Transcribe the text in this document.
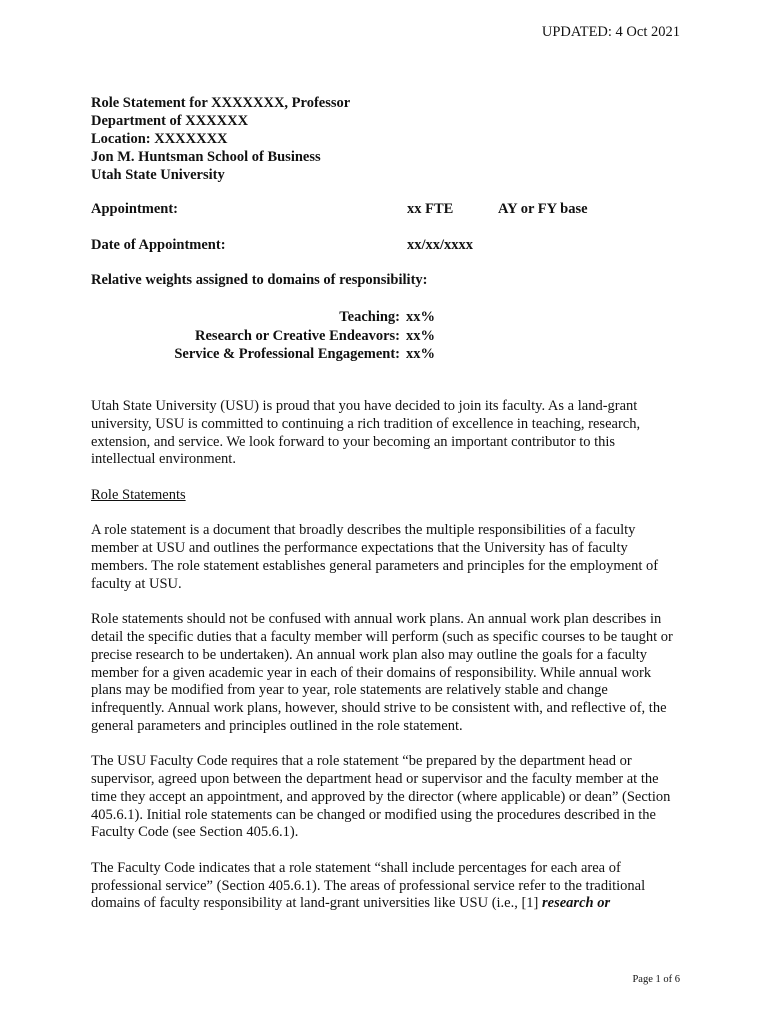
UPDATED: 4 Oct 2021
Role Statement for XXXXXXX, Professor
Department of XXXXXX
Location: XXXXXXX
Jon M. Huntsman School of Business
Utah State University
Appointment:	xx FTE	AY or FY base
Date of Appointment:	xx/xx/xxxx
Relative weights assigned to domains of responsibility:
Teaching: xx%
Research or Creative Endeavors: xx%
Service & Professional Engagement: xx%

Utah State University (USU) is proud that you have decided to join its faculty. As a land-grant university, USU is committed to continuing a rich tradition of excellence in teaching, research, extension, and service. We look forward to your becoming an important contributor to this intellectual environment.

Role Statements

A role statement is a document that broadly describes the multiple responsibilities of a faculty member at USU and outlines the performance expectations that the University has of faculty members. The role statement establishes general parameters and principles for the employment of faculty at USU.

Role statements should not be confused with annual work plans. An annual work plan describes in detail the specific duties that a faculty member will perform (such as specific courses to be taught or precise research to be undertaken). An annual work plan also may outline the goals for a faculty member for a given academic year in each of their domains of responsibility. While annual work plans may be modified from year to year, role statements are relatively stable and change infrequently. Annual work plans, however, should strive to be consistent with, and reflective of, the general parameters and principles outlined in the role statement.

The USU Faculty Code requires that a role statement “be prepared by the department head or supervisor, agreed upon between the department head or supervisor and the faculty member at the time they accept an appointment, and approved by the director (where applicable) or dean” (Section 405.6.1). Initial role statements can be changed or modified using the procedures described in the Faculty Code (see Section 405.6.1).

The Faculty Code indicates that a role statement “shall include percentages for each area of professional service” (Section 405.6.1). The areas of professional service refer to the traditional domains of faculty responsibility at land-grant universities like USU (i.e., [1] research or

Page 1 of 6
